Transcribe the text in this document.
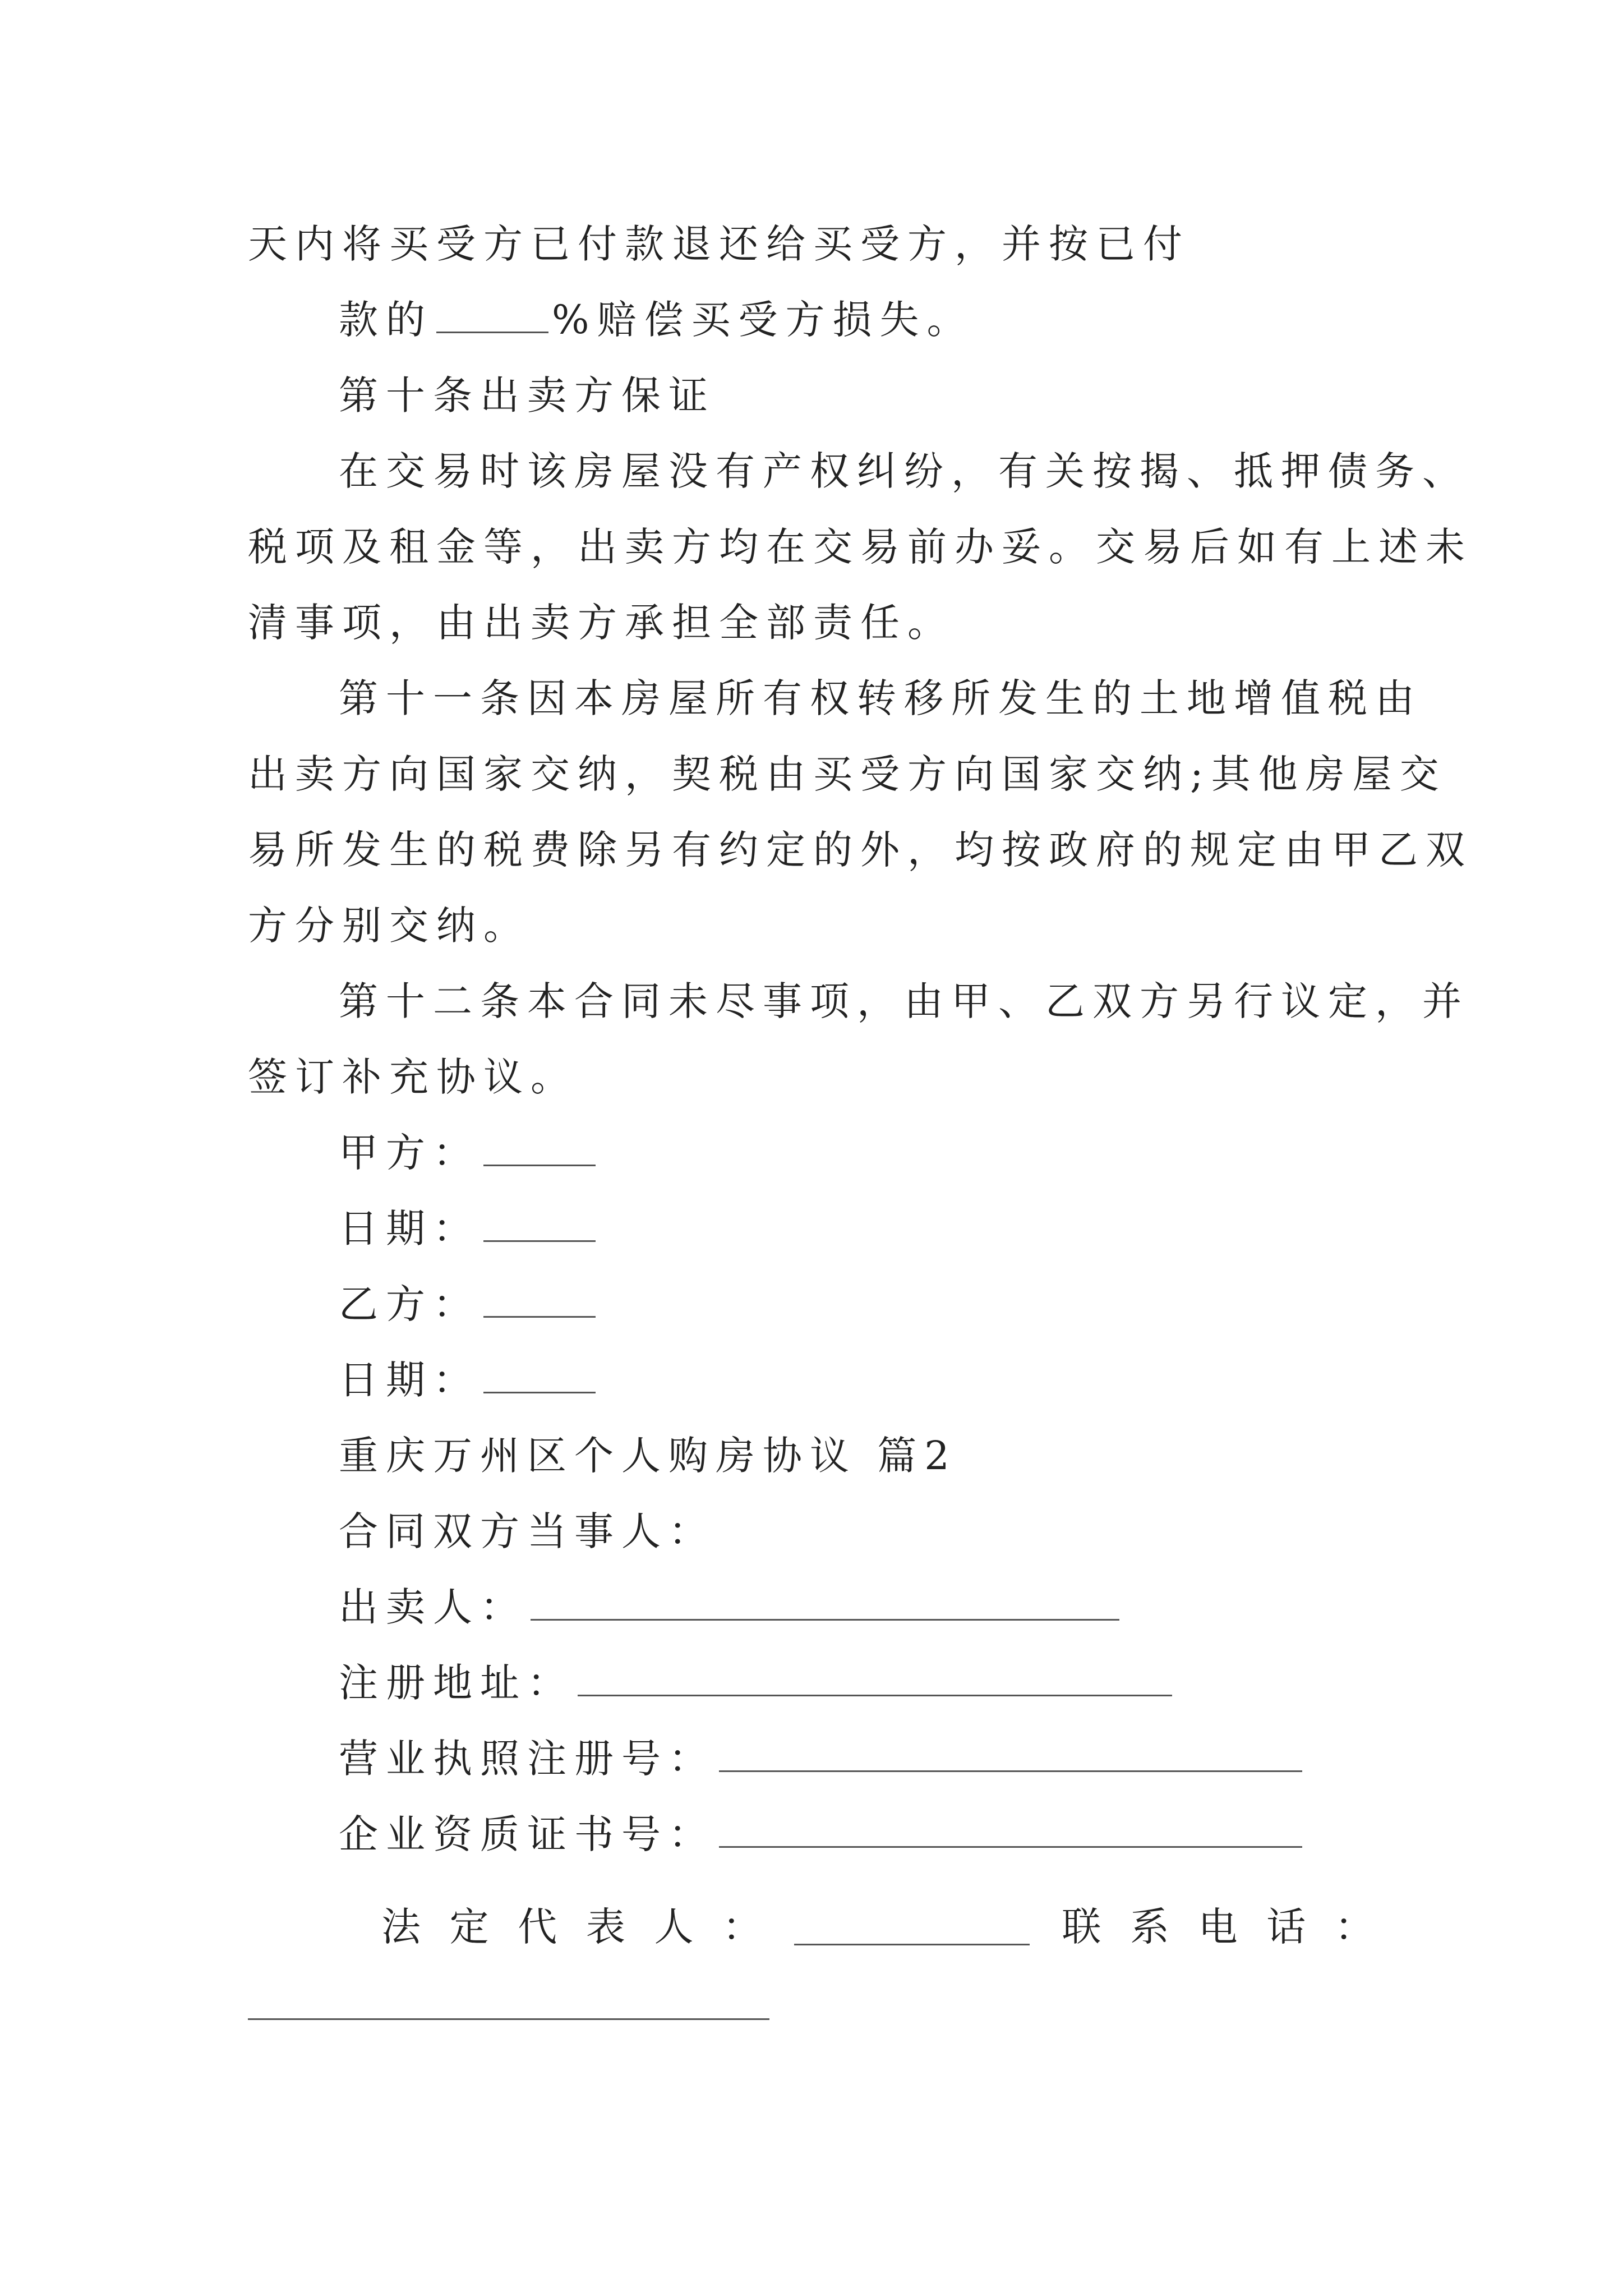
天内将买受方已付款退还给买受方，并按已付
款的	%赔偿买受方损失。
第十条出卖方保证
在交易时该房屋没有产权纠纷，有关按揭、抵押债务、
税项及租金等，出卖方均在交易前办妥。交易后如有上述未
清事项，由出卖方承担全部责任。
第十一条因本房屋所有权转移所发生的土地增值税由
出卖方向国家交纳，契税由买受方向国家交纳;其他房屋交
易所发生的税费除另有约定的外，均按政府的规定由甲乙双
方分别交纳。
第十二条本合同未尽事项，由甲、乙双方另行议定，并
签订补充协议。
甲方：
日期：
乙方：
日期：
重庆万州区个人购房协议 篇2
合同双方当事人：
出卖人：
注册地址：
营业执照注册号：
企业资质证书号：
法 定 代 表 人 ：	联 系 电 话 ：
